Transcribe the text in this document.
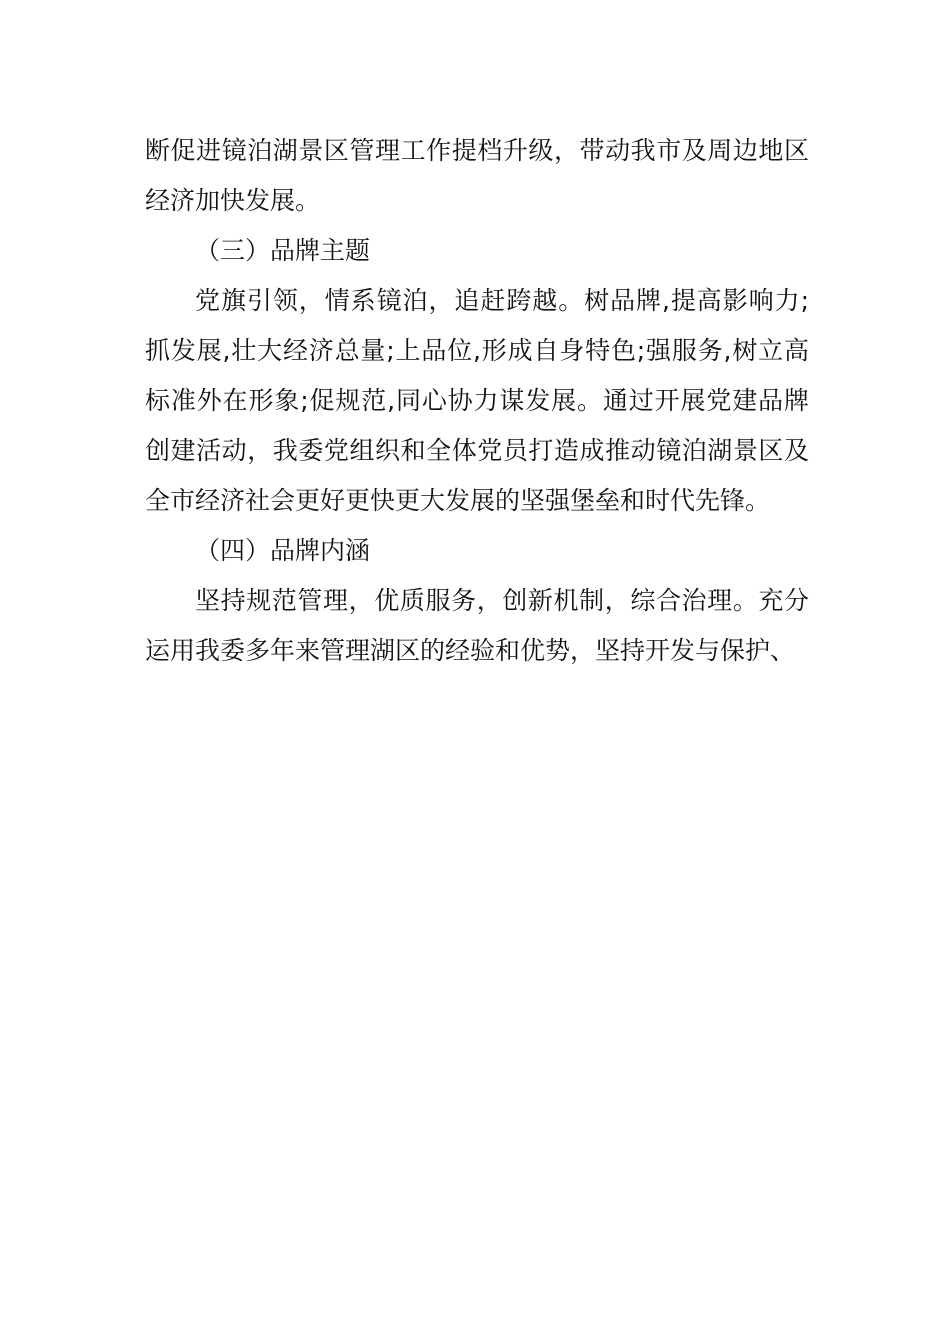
断促进镜泊湖景区管理工作提档升级，带动我市及周边地区经济加快发展。

（三）品牌主题

党旗引领，情系镜泊，追赶跨越。树品牌,提高影响力;抓发展,壮大经济总量;上品位,形成自身特色;强服务,树立高标准外在形象;促规范,同心协力谋发展。通过开展党建品牌创建活动，我委党组织和全体党员打造成推动镜泊湖景区及全市经济社会更好更快更大发展的坚强堡垒和时代先锋。

（四）品牌内涵

坚持规范管理，优质服务，创新机制，综合治理。充分运用我委多年来管理湖区的经验和优势，坚持开发与保护、
